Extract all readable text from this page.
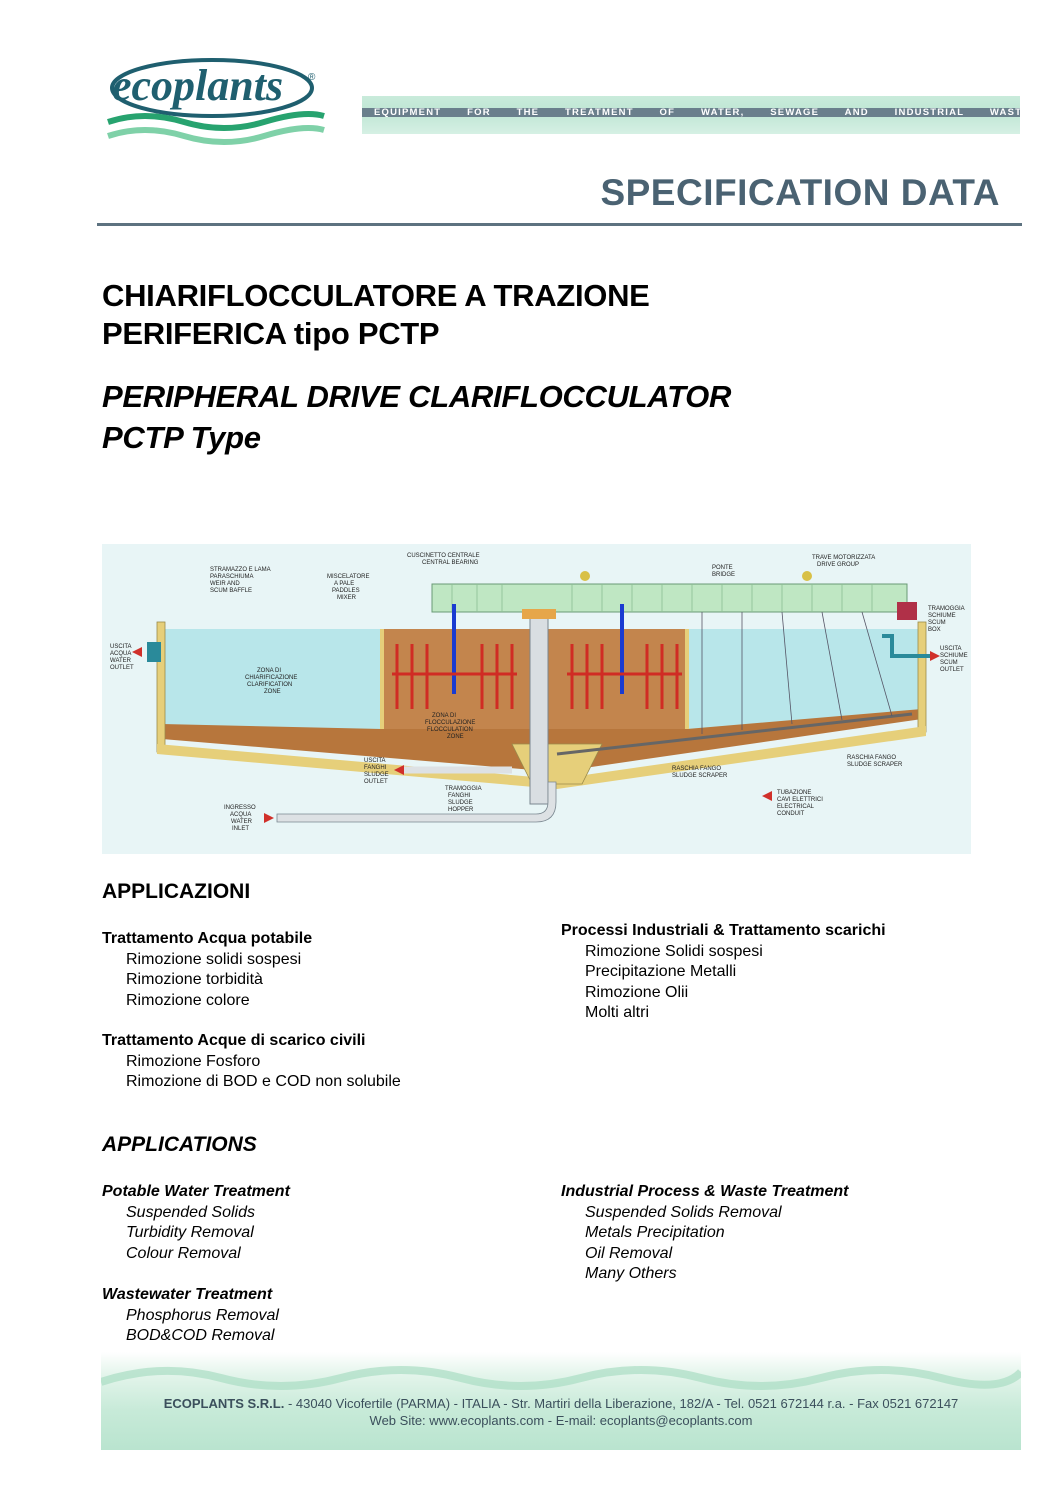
ecoplants ®
EQUIPMENT FOR THE TREATMENT OF WATER, SEWAGE AND INDUSTRIAL WASTE
SPECIFICATION DATA
CHIARIFLOCCULATORE A TRAZIONE
PERIFERICA tipo PCTP
PERIPHERAL DRIVE CLARIFLOCCULATOR
PCTP Type
STRAMAZZO E LAMA
PARASCHIUMA
WEIR AND
SCUM BAFFLE
MISCELATORE
A PALE
PADDLES
MIXER
CUSCINETTO CENTRALE
CENTRAL BEARING
PONTE
BRIDGE
TRAVE MOTORIZZATA
DRIVE GROUP
TRAMOGGIA
SCHIUME
SCUM
BOX
USCITA
ACQUA
WATER
OUTLET
USCITA
SCHIUME
SCUM
OUTLET
ZONA DI
CHIARIFICAZIONE
CLARIFICATION
ZONE
ZONA DI
FLOCCULAZIONE
FLOCCULATION
ZONE
USCITA
FANGHI
SLUDGE
OUTLET
TRAMOGGIA
FANGHI
SLUDGE
HOPPER
RASCHIA FANGO
SLUDGE SCRAPER
RASCHIA FANGO
SLUDGE SCRAPER
TUBAZIONE
CAVI ELETTRICI
ELECTRICAL
CONDUIT
INGRESSO
ACQUA
WATER
INLET
APPLICAZIONI
Trattamento Acqua potabile
Rimozione solidi sospesi
Rimozione torbidità
Rimozione colore
Trattamento Acque di scarico civili
Rimozione Fosforo
Rimozione di BOD e COD non solubile
Processi Industriali & Trattamento scarichi
Rimozione Solidi sospesi
Precipitazione Metalli
Rimozione Olii
Molti altri
APPLICATIONS
Potable Water Treatment
Suspended Solids
Turbidity Removal
Colour Removal
Wastewater Treatment
Phosphorus Removal
BOD&COD Removal
Industrial Process & Waste Treatment
Suspended Solids Removal
Metals Precipitation
Oil Removal
Many Others
ECOPLANTS S.R.L. - 43040 Vicofertile (PARMA) - ITALIA - Str. Martiri della Liberazione, 182/A - Tel. 0521 672144 r.a. - Fax 0521 672147
Web Site: www.ecoplants.com - E-mail: ecoplants@ecoplants.com
